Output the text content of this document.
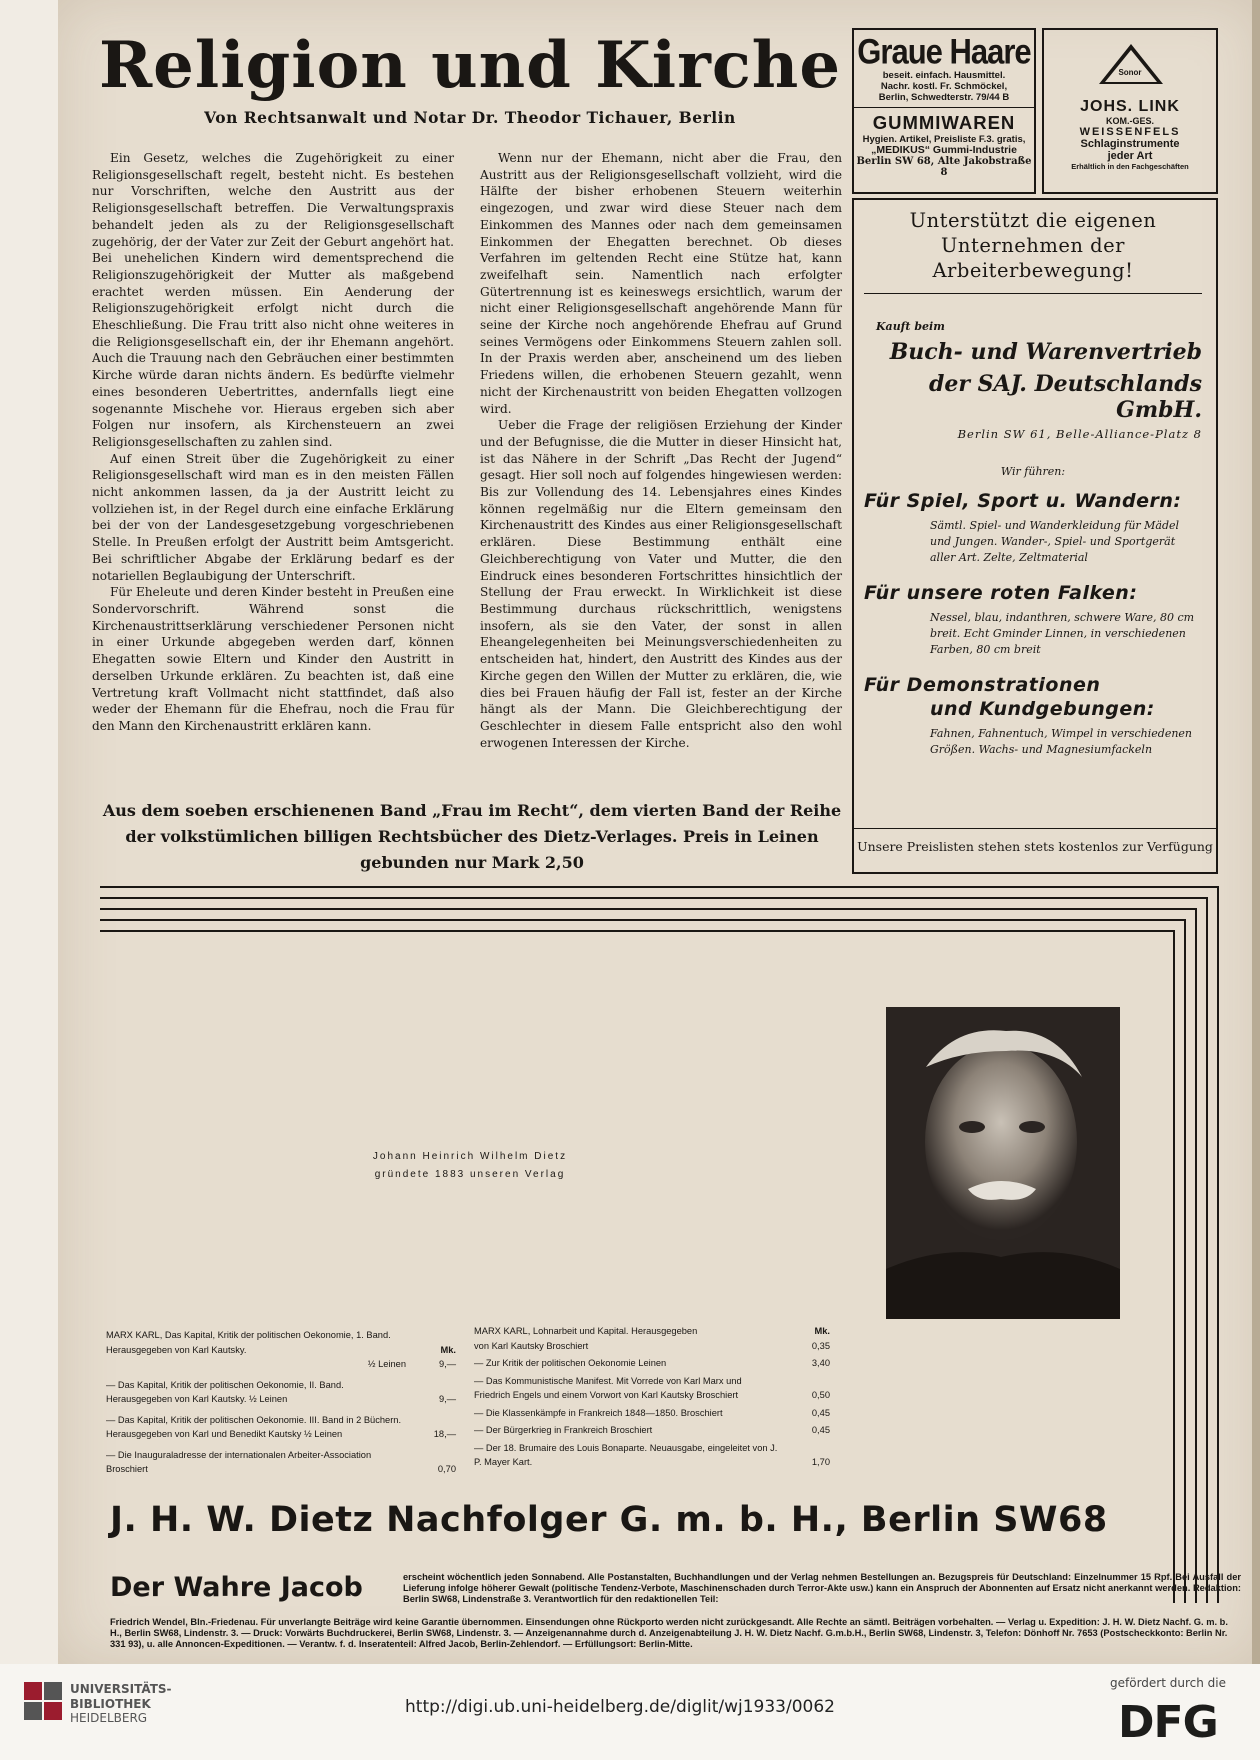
Religion und Kirche
Von Rechtsanwalt und Notar Dr. Theodor Tichauer, Berlin

Ein Gesetz, welches die Zugehörigkeit zu einer Religionsgesellschaft regelt, besteht nicht. Es bestehen nur Vorschriften, welche den Austritt aus der Religionsgesellschaft betreffen. Die Verwaltungspraxis behandelt jeden als zu der Religionsgesellschaft zugehörig, der der Vater zur Zeit der Geburt angehört hat. Bei unehelichen Kindern wird dementsprechend die Religionszugehörigkeit der Mutter als maßgebend erachtet werden müssen. Ein Aenderung der Religionszugehörigkeit erfolgt nicht durch die Eheschließung. Die Frau tritt also nicht ohne weiteres in die Religionsgesellschaft ein, der ihr Ehemann angehört. Auch die Trauung nach den Gebräuchen einer bestimmten Kirche würde daran nichts ändern. Es bedürfte vielmehr eines besonderen Uebertrittes, andernfalls liegt eine sogenannte Mischehe vor. Hieraus ergeben sich aber Folgen nur insofern, als Kirchensteuern an zwei Religionsgesellschaften zu zahlen sind.

Auf einen Streit über die Zugehörigkeit zu einer Religionsgesellschaft wird man es in den meisten Fällen nicht ankommen lassen, da ja der Austritt leicht zu vollziehen ist, in der Regel durch eine einfache Erklärung bei der von der Landesgesetzgebung vorgeschriebenen Stelle. In Preußen erfolgt der Austritt beim Amtsgericht. Bei schriftlicher Abgabe der Erklärung bedarf es der notariellen Beglaubigung der Unterschrift.

Für Eheleute und deren Kinder besteht in Preußen eine Sondervorschrift. Während sonst die Kirchenaustrittserklärung verschiedener Personen nicht in einer Urkunde abgegeben werden darf, können Ehegatten sowie Eltern und Kinder den Austritt in derselben Urkunde erklären. Zu beachten ist, daß eine Vertretung kraft Vollmacht nicht stattfindet, daß also weder der Ehemann für die Ehefrau, noch die Frau für den Mann den Kirchenaustritt erklären kann.

Wenn nur der Ehemann, nicht aber die Frau, den Austritt aus der Religionsgesellschaft vollzieht, wird die Hälfte der bisher erhobenen Steuern weiterhin eingezogen, und zwar wird diese Steuer nach dem Einkommen des Mannes oder nach dem gemeinsamen Einkommen der Ehegatten berechnet. Ob dieses Verfahren im geltenden Recht eine Stütze hat, kann zweifelhaft sein. Namentlich nach erfolgter Gütertrennung ist es keineswegs ersichtlich, warum der nicht einer Religionsgesellschaft angehörende Mann für seine der Kirche noch angehörende Ehefrau auf Grund seines Vermögens oder Einkommens Steuern zahlen soll. In der Praxis werden aber, anscheinend um des lieben Friedens willen, die erhobenen Steuern gezahlt, wenn nicht der Kirchenaustritt von beiden Ehegatten vollzogen wird.

Ueber die Frage der religiösen Erziehung der Kinder und der Befugnisse, die die Mutter in dieser Hinsicht hat, ist das Nähere in der Schrift „Das Recht der Jugend“ gesagt. Hier soll noch auf folgendes hingewiesen werden: Bis zur Vollendung des 14. Lebensjahres eines Kindes können regelmäßig nur die Eltern gemeinsam den Kirchenaustritt des Kindes aus einer Religionsgesellschaft erklären. Diese Bestimmung enthält eine Gleichberechtigung von Vater und Mutter, die den Eindruck eines besonderen Fortschrittes hinsichtlich der Stellung der Frau erweckt. In Wirklichkeit ist diese Bestimmung durchaus rückschrittlich, wenigstens insofern, als sie den Vater, der sonst in allen Eheangelegenheiten bei Meinungsverschiedenheiten zu entscheiden hat, hindert, den Austritt des Kindes aus der Kirche gegen den Willen der Mutter zu erklären, die, wie dies bei Frauen häufig der Fall ist, fester an der Kirche hängt als der Mann. Die Gleichberechtigung der Geschlechter in diesem Falle entspricht also den wohl erwogenen Interessen der Kirche.

Aus dem soeben erschienenen Band „Frau im Recht“, dem vierten Band der Reihe der volkstümlichen billigen Rechtsbücher des Dietz-Verlages. Preis in Leinen gebunden nur Mark 2,50
Graue Haare
beseit. einfach. Hausmittel.
Nachr. kostl. Fr. Schmöckel,
Berlin, Schwedterstr. 79/44 B
GUMMIWAREN
Hygien. Artikel, Preisliste F.3. gratis,
„MEDIKUS“ Gummi-Industrie
Berlin SW 68, Alte Jakobstraße 8
Sonor
JOHS. LINK
KOM.-GES.
WEISSENFELS
Schlaginstrumente
jeder Art
Erhältlich in den Fachgeschäften
Unterstützt die eigenen Unternehmen der Arbeiterbewegung!
Kauft beim
Buch- und Warenvertrieb
der SAJ. Deutschlands GmbH.
Berlin SW 61, Belle-Alliance-Platz 8
Wir führen:
Für Spiel, Sport u. Wandern:
Sämtl. Spiel- und Wanderkleidung für Mädel und Jungen. Wander-, Spiel- und Sportgerät aller Art. Zelte, Zeltmaterial
Für unsere roten Falken:
Nessel, blau, indanthren, schwere Ware, 80 cm breit. Echt Gminder Linnen, in verschiedenen Farben, 80 cm breit
Für Demonstrationen
und Kundgebungen:
Fahnen, Fahnentuch, Wimpel in verschiedenen Größen. Wachs- und Magnesiumfackeln
Unsere Preislisten stehen stets kostenlos zur Verfügung
Johann Heinrich Wilhelm Dietz
gründete 1883 unseren Verlag
MARX KARL, Das Kapital, Kritik der politischen Oekonomie, 1. Band. Herausgegeben von Karl Kautsky.	Mk.
½ Leinen	9,—
— Das Kapital, Kritik der politischen Oekonomie, II. Band. Herausgegeben von Karl Kautsky. ½ Leinen	9,—
— Das Kapital, Kritik der politischen Oekonomie. III. Band in 2 Büchern. Herausgegeben von Karl und Benedikt Kautsky ½ Leinen	18,—
— Die Inauguraladresse der internationalen Arbeiter-Association Broschiert	0,70
MARX KARL, Lohnarbeit und Kapital. Herausgegeben	Mk.
von Karl Kautsky Broschiert	0,35
— Zur Kritik der politischen Oekonomie Leinen	3,40
— Das Kommunistische Manifest. Mit Vorrede von Karl Marx und Friedrich Engels und einem Vorwort von Karl Kautsky Broschiert	0,50
— Die Klassenkämpfe in Frankreich 1848—1850. Broschiert	0,45
— Der Bürgerkrieg in Frankreich Broschiert	0,45
— Der 18. Brumaire des Louis Bonaparte. Neuausgabe, eingeleitet von J. P. Mayer Kart.	1,70
J. H. W. Dietz Nachfolger G. m. b. H., Berlin SW68
Der Wahre Jacob	erscheint wöchentlich jeden Sonnabend. Alle Postanstalten, Buchhandlungen und der Verlag nehmen Bestellungen an. Bezugspreis für Deutschland: Einzelnummer 15 Rpf. Bei Ausfall der Lieferung infolge höherer Gewalt (politische Tendenz-Verbote, Maschinenschaden durch Terror-Akte usw.) kann ein Anspruch der Abonnenten auf Ersatz nicht anerkannt werden. Redaktion: Berlin SW68, Lindenstraße 3. Verantwortlich für den redaktionellen Teil:
Friedrich Wendel, Bln.-Friedenau. Für unverlangte Beiträge wird keine Garantie übernommen. Einsendungen ohne Rückporto werden nicht zurückgesandt. Alle Rechte an sämtl. Beiträgen vorbehalten. — Verlag u. Expedition: J. H. W. Dietz Nachf. G. m. b. H., Berlin SW68, Lindenstr. 3. — Druck: Vorwärts Buchdruckerei, Berlin SW68, Lindenstr. 3. — Anzeigenannahme durch d. Anzeigenabteilung J. H. W. Dietz Nachf. G.m.b.H., Berlin SW68, Lindenstr. 3, Telefon: Dönhoff Nr. 7653 (Postscheckkonto: Berlin Nr. 331 93), u. alle Annoncen-Expeditionen. — Verantw. f. d. Inseratenteil: Alfred Jacob, Berlin-Zehlendorf. — Erfüllungsort: Berlin-Mitte.
UNIVERSITÄTS-
BIBLIOTHEK
HEIDELBERG
http://digi.ub.uni-heidelberg.de/diglit/wj1933/0062
gefördert durch die
DFG
